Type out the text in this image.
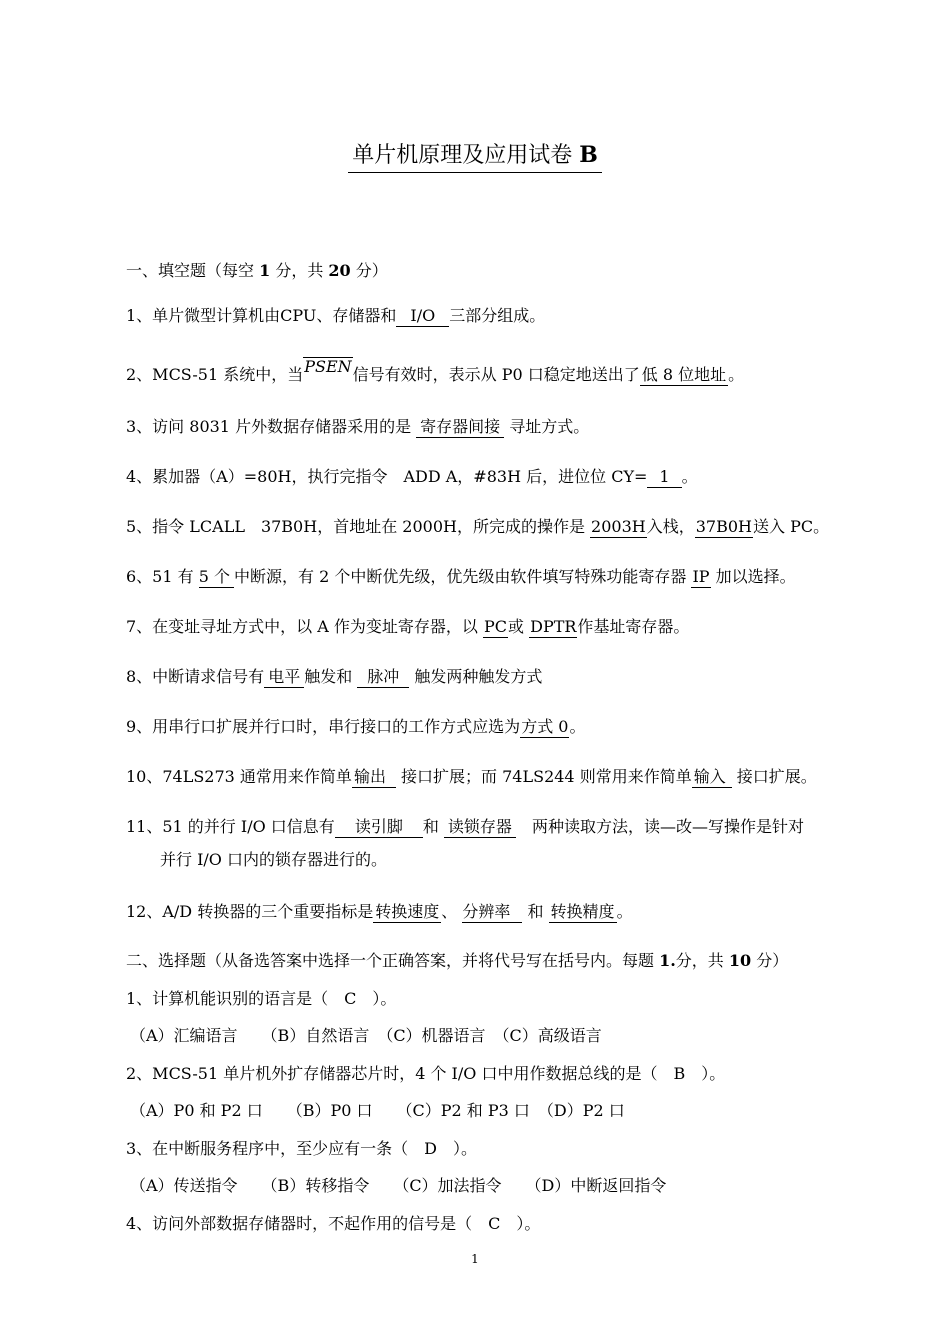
单片机原理及应用试卷 B
一、填空题（每空 1 分，共 20 分）
1、单片微型计算机由CPU、存储器和 I/O 三部分组成。
2、MCS-51 系统中，当PSEN信号有效时，表示从 P0 口稳定地送出了 低 8 位地址 。
3、访问 8031 片外数据存储器采用的是 寄存器间接 寻址方式。
4、累加器（A）=80H，执行完指令　ADD A，#83H 后，进位位 CY= 1 。
5、指令 LCALL　37B0H，首地址在 2000H，所完成的操作是 2003H入栈，37B0H送入 PC。
6、51 有 5 个 中断源，有 2 个中断优先级，优先级由软件填写特殊功能寄存器 IP 加以选择。
7、在变址寻址方式中，以 A 作为变址寄存器，以 PC或 DPTR作基址寄存器。
8、中断请求信号有 电平 触发和 脉冲 触发两种触发方式
9、用串行口扩展并行口时，串行接口的工作方式应选为方式 0。
10、74LS273 通常用来作简单 输出 接口扩展；而 74LS244 则常用来作简单 输入 接口扩展。
11、51 的并行 I/O 口信息有 读引脚 和 读锁存器　两种读取方法，读—改—写操作是针对
并行 I/O 口内的锁存器进行的。
12、A/D 转换器的三个重要指标是 转换速度 、 分辨率 和 转换精度 。
二、选择题（从备选答案中选择一个正确答案，并将代号写在括号内。每题 1.分，共 10 分）
1、计算机能识别的语言是（　C　）。
（A）汇编语言　　（B）自然语言　（C）机器语言　（C）高级语言
2、MCS-51 单片机外扩存储器芯片时，4 个 I/O 口中用作数据总线的是（　B　）。
（A）P0 和 P2 口　　（B）P0 口　　（C）P2 和 P3 口　（D）P2 口
3、在中断服务程序中，至少应有一条（　D　）。
（A）传送指令　　（B）转移指令　　（C）加法指令　　（D）中断返回指令
4、访问外部数据存储器时，不起作用的信号是（　C　）。
1
